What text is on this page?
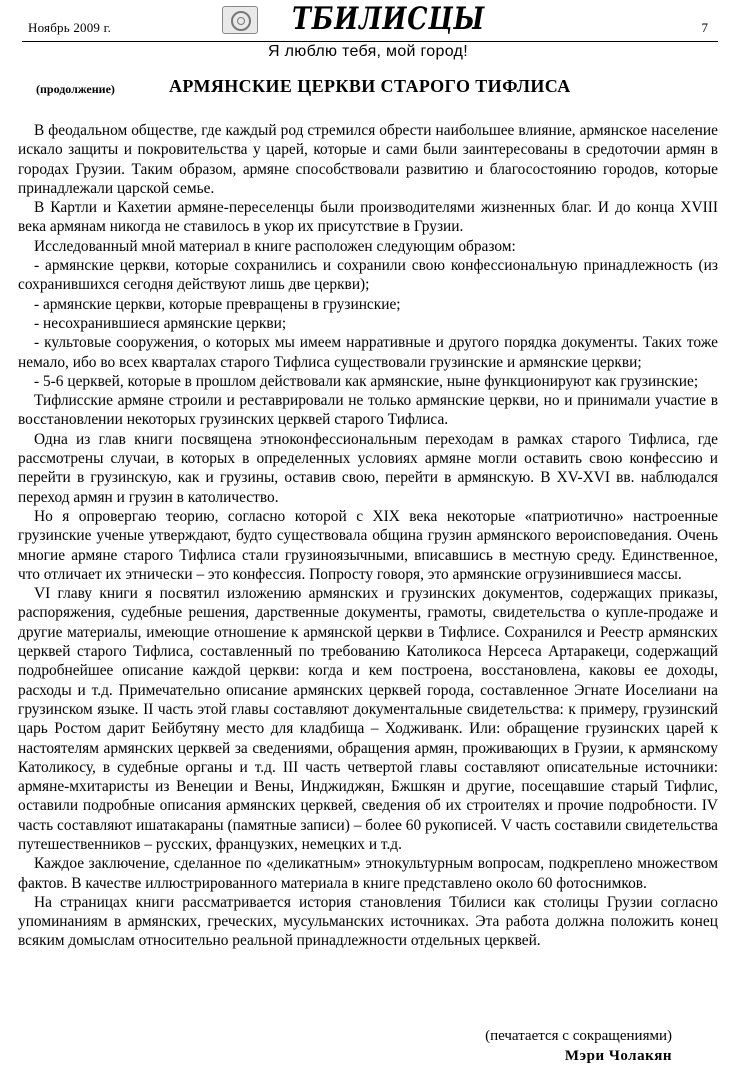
Ноябрь 2009 г.	ТБИЛИСЦЫ	7
Я люблю тебя, мой город!
(продолжение)	АРМЯНСКИЕ ЦЕРКВИ СТАРОГО ТИФЛИСА

В феодальном обществе, где каждый род стремился обрести наибольшее влияние, армянское население искало защиты и покровительства у царей, которые и сами были заинтересованы в средоточии армян в городах Грузии. Таким образом, армяне способствовали развитию и благосостоянию городов, которые принадлежали царской семье.

В Картли и Кахетии армяне-переселенцы были производителями жизненных благ. И до конца XVIII века армянам никогда не ставилось в укор их присутствие в Грузии.

Исследованный мной материал в книге расположен следующим образом:

- армянские церкви, которые сохранились и сохранили свою конфессиональную принадлежность (из сохранившихся сегодня действуют лишь две церкви);

- армянские церкви, которые превращены в грузинские;

- несохранившиеся армянские церкви;

- культовые сооружения, о которых мы имеем нарративные и другого порядка документы. Таких тоже немало, ибо во всех кварталах старого Тифлиса существовали грузинские и армянские церкви;

- 5-6 церквей, которые в прошлом действовали как армянские, ныне функционируют как грузинские;

Тифлисские армяне строили и реставрировали не только армянские церкви, но и принимали участие в восстановлении некоторых грузинских церквей старого Тифлиса.

Одна из глав книги посвящена этноконфессиональным переходам в рамках старого Тифлиса, где рассмотрены случаи, в которых в определенных условиях армяне могли оставить свою конфессию и перейти в грузинскую, как и грузины, оставив свою, перейти в армянскую. В XV-XVI вв. наблюдался переход армян и грузин в католичество.

Но я опровергаю теорию, согласно которой с XIX века некоторые «патриотично» настроенные грузинские ученые утверждают, будто существовала община грузин армянского вероисповедания. Очень многие армяне старого Тифлиса стали грузиноязычными, вписавшись в местную среду. Единственное, что отличает их этнически – это конфессия. Попросту говоря, это армянские огрузинившиеся массы.

VI главу книги я посвятил изложению армянских и грузинских документов, содержащих приказы, распоряжения, судебные решения, дарственные документы, грамоты, свидетельства о купле-продаже и другие материалы, имеющие отношение к армянской церкви в Тифлисе. Сохранился и Реестр армянских церквей старого Тифлиса, составленный по требованию Католикоса Нерсеса Артаракеци, содержащий подробнейшее описание каждой церкви: когда и кем построена, восстановлена, каковы ее доходы, расходы и т.д. Примечательно описание армянских церквей города, составленное Эгнате Иоселиани на грузинском языке. II часть этой главы составляют документальные свидетельства: к примеру, грузинский царь Ростом дарит Бейбутяну место для кладбища – Ходживанк. Или: обращение грузинских царей к настоятелям армянских церквей за сведениями, обращения армян, проживающих в Грузии, к армянскому Католикосу, в судебные органы и т.д. III часть четвертой главы составляют описательные источники: армяне-мхитаристы из Венеции и Вены, Инджиджян, Бжшкян и другие, посещавшие старый Тифлис, оставили подробные описания армянских церквей, сведения об их строителях и прочие подробности. IV часть составляют ишатакараны (памятные записи) – более 60 рукописей. V часть составили свидетельства путешественников – русских, французких, немецких и т.д.

Каждое заключение, сделанное по «деликатным» этнокультурным вопросам, подкреплено множеством фактов. В качестве иллюстрированного материала в книге представлено около 60 фотоснимков.

На страницах книги рассматривается история становления Тбилиси как столицы Грузии согласно упоминаниям в армянских, греческих, мусульманских источниках. Эта работа должна положить конец всяким домыслам относительно реальной принадлежности отдельных церквей.

(печатается с сокращениями)
Мэри Чолакян
